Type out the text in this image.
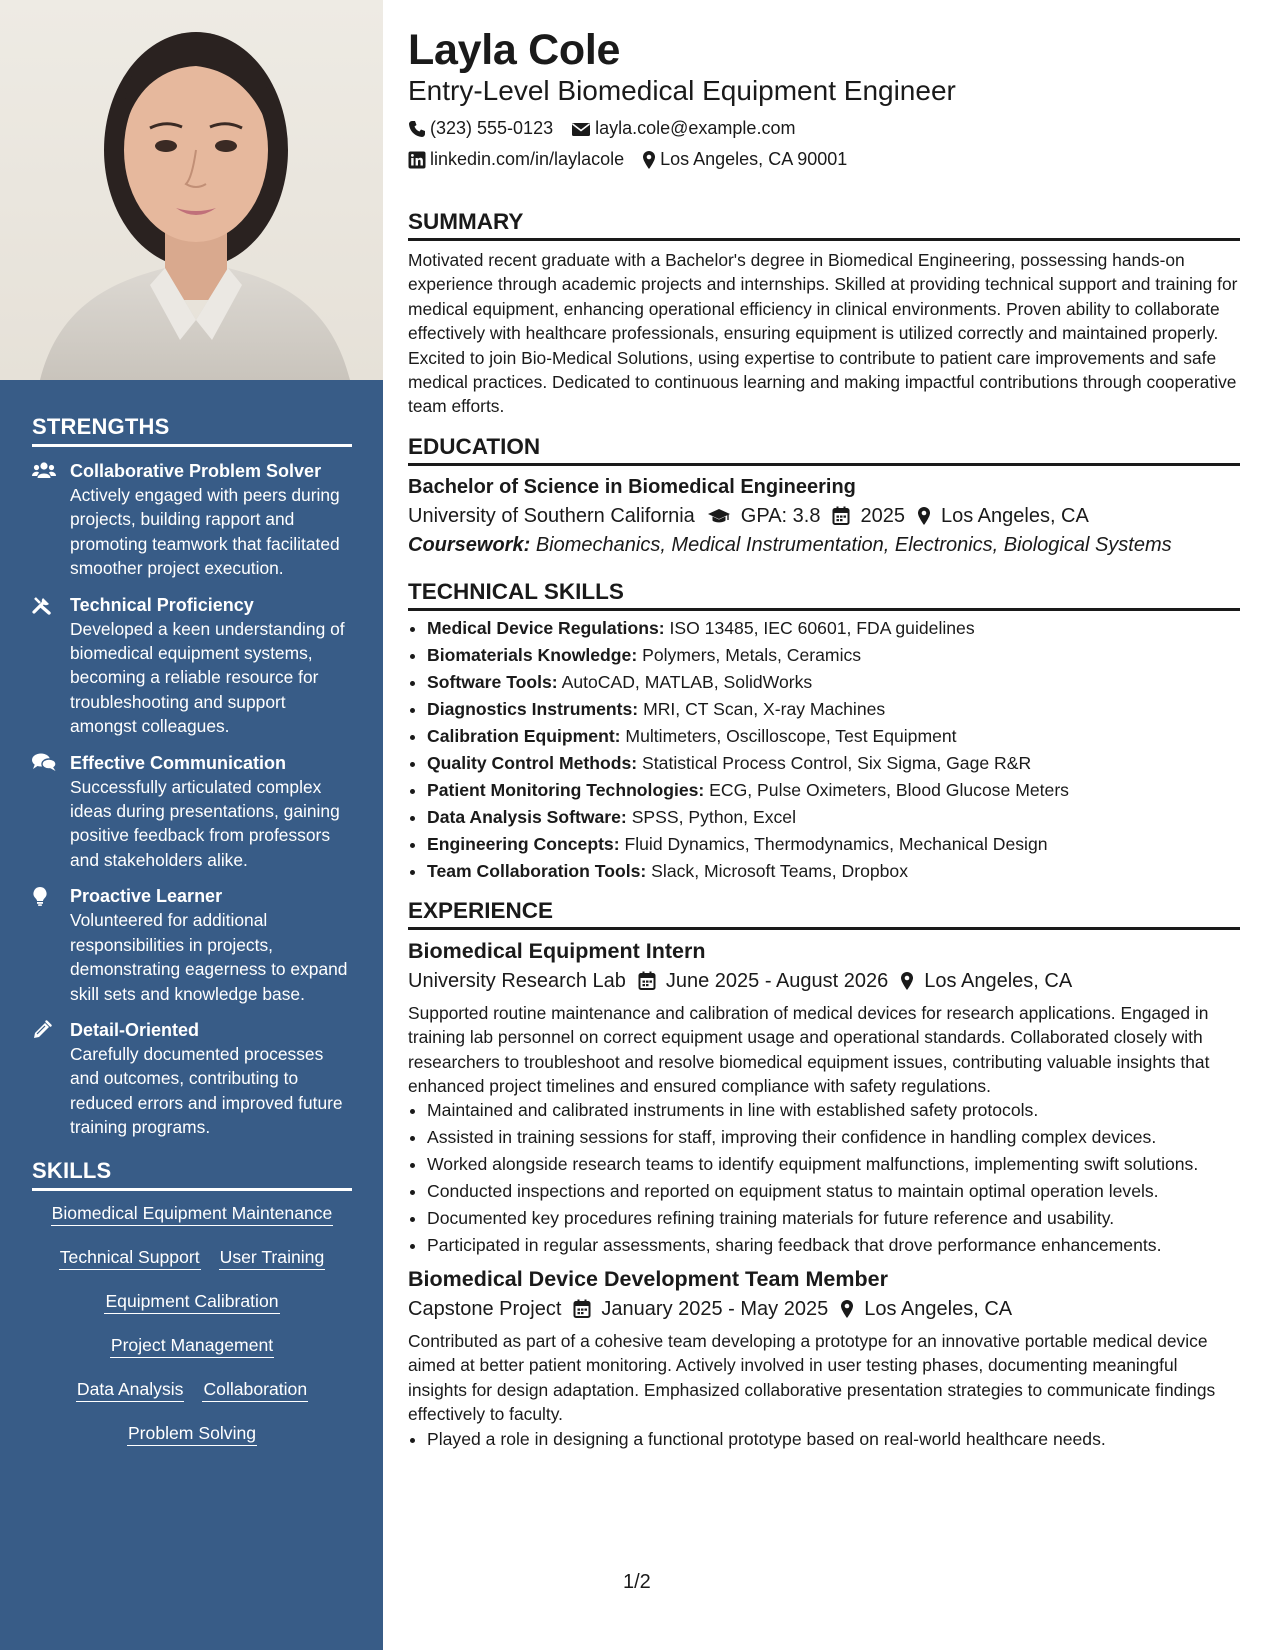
STRENGTHS
Collaborative Problem Solver
Actively engaged with peers during projects, building rapport and promoting teamwork that facilitated smoother project execution.
Technical Proficiency
Developed a keen understanding of biomedical equipment systems, becoming a reliable resource for troubleshooting and support amongst colleagues.
Effective Communication
Successfully articulated complex ideas during presentations, gaining positive feedback from professors and stakeholders alike.
Proactive Learner
Volunteered for additional responsibilities in projects, demonstrating eagerness to expand skill sets and knowledge base.
Detail-Oriented
Carefully documented processes and outcomes, contributing to reduced errors and improved future training programs.
SKILLS
Biomedical Equipment Maintenance
Technical Support User Training
Equipment Calibration
Project Management
Data Analysis Collaboration
Problem Solving
Layla Cole
Entry-Level Biomedical Equipment Engineer
(323) 555-0123 layla.cole@example.com
linkedin.com/in/laylacole Los Angeles, CA 90001
SUMMARY
Motivated recent graduate with a Bachelor's degree in Biomedical Engineering, possessing hands-on experience through academic projects and internships. Skilled at providing technical support and training for medical equipment, enhancing operational efficiency in clinical environments. Proven ability to collaborate effectively with healthcare professionals, ensuring equipment is utilized correctly and maintained properly. Excited to join Bio-Medical Solutions, using expertise to contribute to patient care improvements and safe medical practices. Dedicated to continuous learning and making impactful contributions through cooperative team efforts.
EDUCATION
Bachelor of Science in Biomedical Engineering
University of Southern California GPA: 3.8 2025 Los Angeles, CA
Coursework: Biomechanics, Medical Instrumentation, Electronics, Biological Systems
TECHNICAL SKILLS
• Medical Device Regulations: ISO 13485, IEC 60601, FDA guidelines
• Biomaterials Knowledge: Polymers, Metals, Ceramics
• Software Tools: AutoCAD, MATLAB, SolidWorks
• Diagnostics Instruments: MRI, CT Scan, X-ray Machines
• Calibration Equipment: Multimeters, Oscilloscope, Test Equipment
• Quality Control Methods: Statistical Process Control, Six Sigma, Gage R&R
• Patient Monitoring Technologies: ECG, Pulse Oximeters, Blood Glucose Meters
• Data Analysis Software: SPSS, Python, Excel
• Engineering Concepts: Fluid Dynamics, Thermodynamics, Mechanical Design
• Team Collaboration Tools: Slack, Microsoft Teams, Dropbox
EXPERIENCE
Biomedical Equipment Intern
University Research Lab June 2025 - August 2026 Los Angeles, CA
Supported routine maintenance and calibration of medical devices for research applications. Engaged in training lab personnel on correct equipment usage and operational standards. Collaborated closely with researchers to troubleshoot and resolve biomedical equipment issues, contributing valuable insights that enhanced project timelines and ensured compliance with safety regulations.
• Maintained and calibrated instruments in line with established safety protocols.
• Assisted in training sessions for staff, improving their confidence in handling complex devices.
• Worked alongside research teams to identify equipment malfunctions, implementing swift solutions.
• Conducted inspections and reported on equipment status to maintain optimal operation levels.
• Documented key procedures refining training materials for future reference and usability.
• Participated in regular assessments, sharing feedback that drove performance enhancements.
Biomedical Device Development Team Member
Capstone Project January 2025 - May 2025 Los Angeles, CA
Contributed as part of a cohesive team developing a prototype for an innovative portable medical device aimed at better patient monitoring. Actively involved in user testing phases, documenting meaningful insights for design adaptation. Emphasized collaborative presentation strategies to communicate findings effectively to faculty.
• Played a role in designing a functional prototype based on real-world healthcare needs.
1/2
